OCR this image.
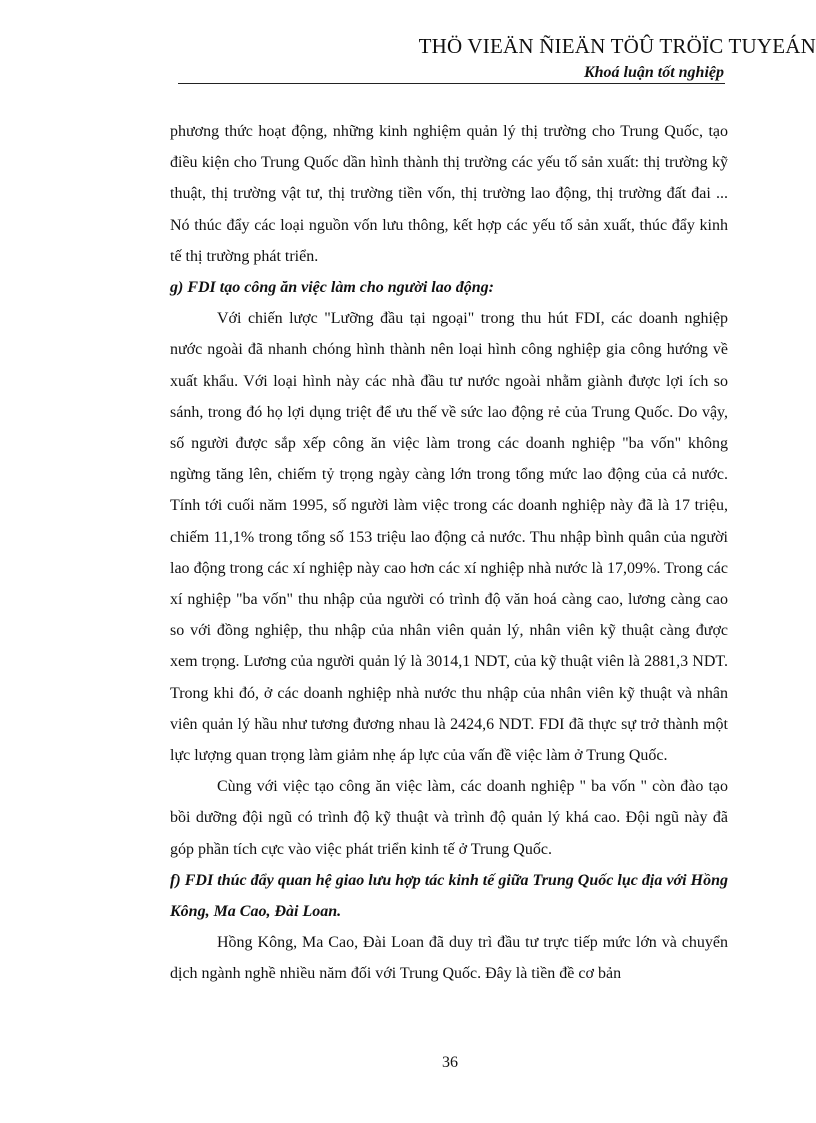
THÖ VIEÄN ÑIEÄN TÖÛ TRÖÏC TUYEÁN
Khoá luận tốt nghiệp

phương thức hoạt động, những kinh nghiệm quản lý thị trường cho Trung Quốc, tạo điều kiện cho Trung Quốc dần hình thành thị trường các yếu tố sản xuất: thị trường kỹ thuật, thị trường vật tư, thị trường tiền vốn, thị trường lao động, thị trường đất đai ... Nó thúc đẩy các loại nguồn vốn lưu thông, kết hợp các yếu tố sản xuất, thúc đẩy kinh tế thị trường phát triển.

g) FDI tạo công ăn việc làm cho người lao động:

Với chiến lược "Lưỡng đầu tại ngoại" trong thu hút FDI, các doanh nghiệp nước ngoài đã nhanh chóng hình thành nên loại hình công nghiệp gia công hướng về xuất khẩu. Với loại hình này các nhà đầu tư nước ngoài nhằm giành được lợi ích so sánh, trong đó họ lợi dụng triệt để ưu thế về sức lao động rẻ của Trung Quốc. Do vậy, số người được sắp xếp công ăn việc làm trong các doanh nghiệp "ba vốn" không ngừng tăng lên, chiếm tỷ trọng ngày càng lớn trong tổng mức lao động của cả nước. Tính tới cuối năm 1995, số người làm việc trong các doanh nghiệp này đã là 17 triệu, chiếm 11,1% trong tổng số 153 triệu lao động cả nước. Thu nhập bình quân của người lao động trong các xí nghiệp này cao hơn các xí nghiệp nhà nước là 17,09%. Trong các xí nghiệp "ba vốn" thu nhập của người có trình độ văn hoá càng cao, lương càng cao so với đồng nghiệp, thu nhập của nhân viên quản lý, nhân viên kỹ thuật càng được xem trọng. Lương của người quản lý là 3014,1 NDT, của kỹ thuật viên là 2881,3 NDT. Trong khi đó, ở các doanh nghiệp nhà nước thu nhập của nhân viên kỹ thuật và nhân viên quản lý hầu như tương đương nhau là 2424,6 NDT. FDI đã thực sự trở thành một lực lượng quan trọng làm giảm nhẹ áp lực của vấn đề việc làm ở Trung Quốc.

Cùng với việc tạo công ăn việc làm, các doanh nghiệp " ba vốn " còn đào tạo bồi dưỡng đội ngũ có trình độ kỹ thuật và trình độ quản lý khá cao. Đội ngũ này đã góp phần tích cực vào việc phát triển kinh tế ở Trung Quốc.

f) FDI thúc đẩy quan hệ giao lưu hợp tác kinh tế giữa Trung Quốc lục địa với Hồng Kông, Ma Cao, Đài Loan.

Hồng Kông, Ma Cao, Đài Loan đã duy trì đầu tư trực tiếp mức lớn và chuyển dịch ngành nghề nhiều năm đối với Trung Quốc. Đây là tiền đề cơ bản

36
